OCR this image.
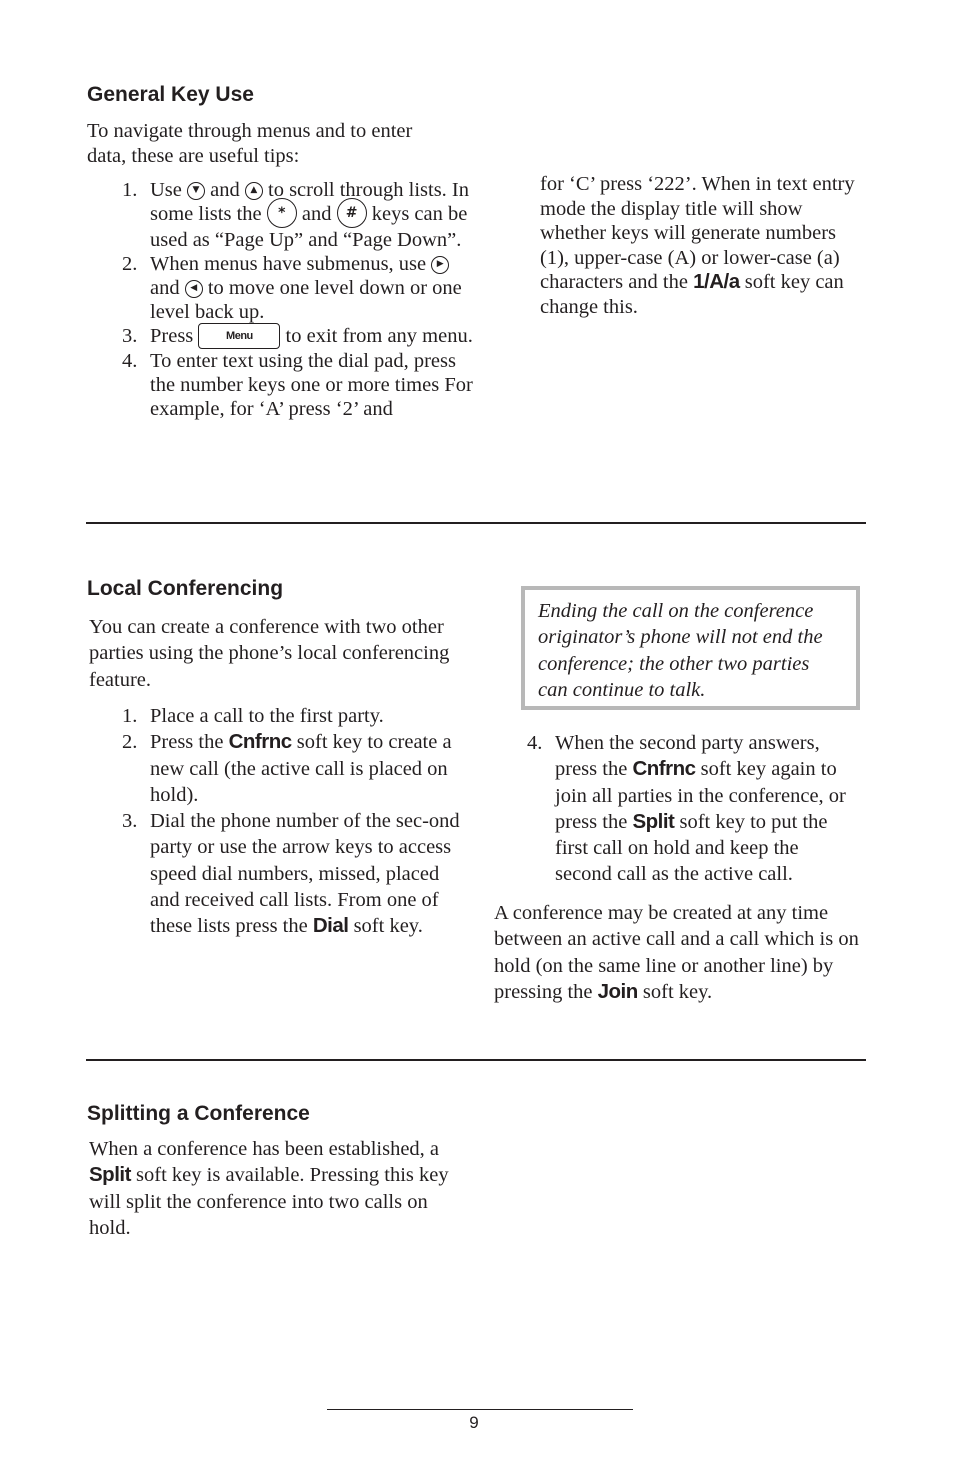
General Key Use

To navigate through menus and to enter data, these are useful tips:

1. Use ▼ and ▲ to scroll through lists. In some lists the * and # keys can be used as “Page Up” and “Page Down”.
2. When menus have submenus, use ▶ and ◀ to move one level down or one level back up.
3. Press	Menu to exit from any menu.
4. To enter text using the dial pad, press the number keys one or more times For example, for ‘A’ press ‘2’ and

for ‘C’ press ‘222’. When in text entry mode the display title will show whether keys will generate numbers (1), upper-case (A) or lower-case (a) characters and the 1/A/a soft key can change this.

Local Conferencing

You can create a conference with two other parties using the phone’s local conferencing feature.

1. Place a call to the first party.
2. Press the Cnfrnc soft key to create a new call (the active call is placed on hold).
3. Dial the phone number of the sec-ond party or use the arrow keys to access speed dial numbers, missed, placed and received call lists. From one of these lists press the Dial soft key.

Ending the call on the conference originator’s phone will not end the conference; the other two parties can continue to talk.

4. When the second party answers, press the Cnfrnc soft key again to join all parties in the conference, or press the Split soft key to put the first call on hold and keep the second call as the active call.

A conference may be created at any time between an active call and a call which is on hold (on the same line or another line) by pressing the Join soft key.

Splitting a Conference

When a conference has been established, a Split soft key is available. Pressing this key will split the conference into two calls on hold.

9
